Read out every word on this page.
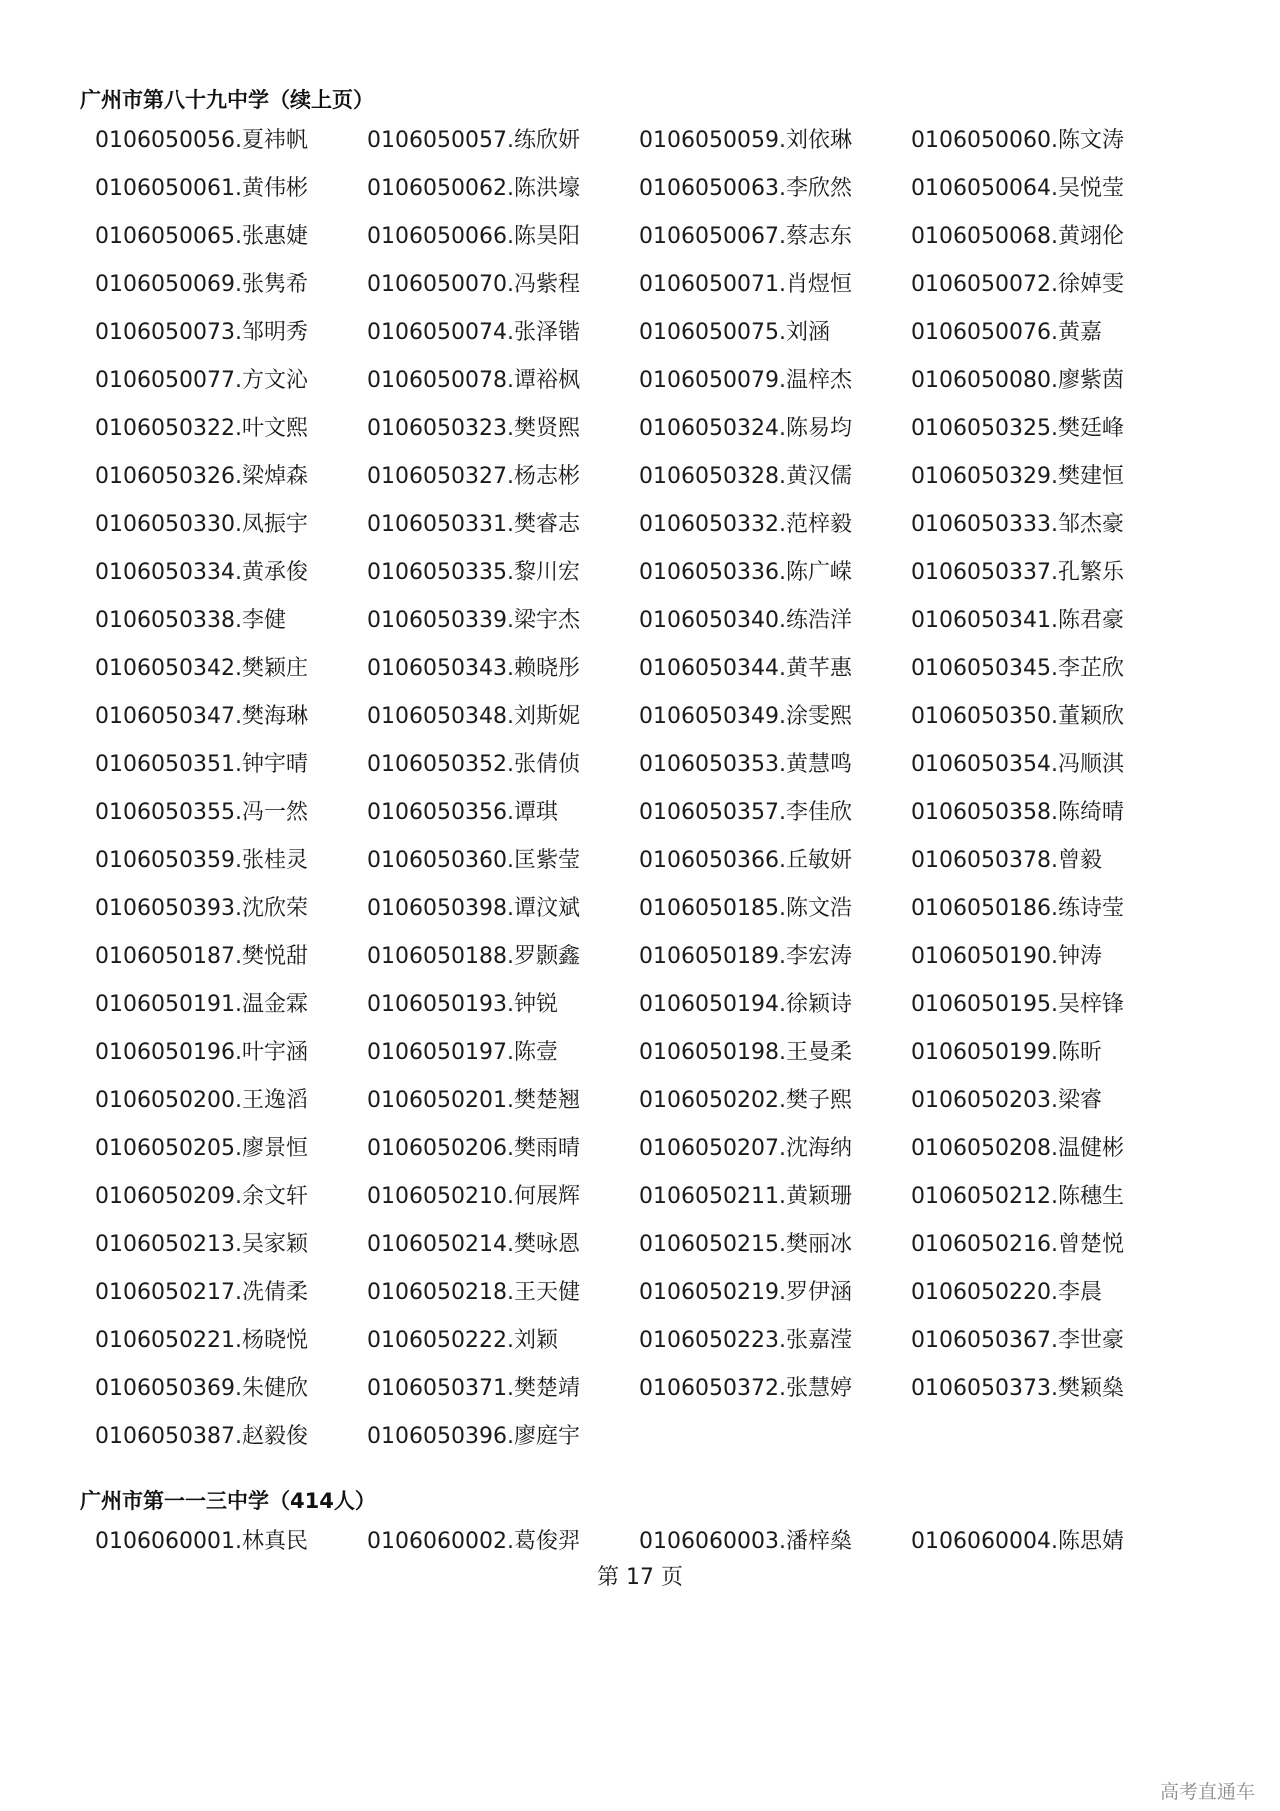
广州市第八十九中学（续上页）
0106050056.夏祎帆	0106050057.练欣妍	0106050059.刘依琳	0106050060.陈文涛
0106050061.黄伟彬	0106050062.陈洪壕	0106050063.李欣然	0106050064.吴悦莹
0106050065.张惠婕	0106050066.陈昊阳	0106050067.蔡志东	0106050068.黄翊伦
0106050069.张隽希	0106050070.冯紫程	0106050071.肖煜恒	0106050072.徐婥雯
0106050073.邹明秀	0106050074.张泽锴	0106050075.刘涵	0106050076.黄嘉
0106050077.方文沁	0106050078.谭裕枫	0106050079.温梓杰	0106050080.廖紫茵
0106050322.叶文熙	0106050323.樊贤熙	0106050324.陈易均	0106050325.樊廷峰
0106050326.梁焯森	0106050327.杨志彬	0106050328.黄汉儒	0106050329.樊建恒
0106050330.凤振宇	0106050331.樊睿志	0106050332.范梓毅	0106050333.邹杰豪
0106050334.黄承俊	0106050335.黎川宏	0106050336.陈广嵘	0106050337.孔繁乐
0106050338.李健	0106050339.梁宇杰	0106050340.练浩洋	0106050341.陈君豪
0106050342.樊颖庄	0106050343.赖晓彤	0106050344.黄芊惠	0106050345.李芷欣
0106050347.樊海琳	0106050348.刘斯妮	0106050349.涂雯熙	0106050350.董颖欣
0106050351.钟宇晴	0106050352.张倩侦	0106050353.黄慧鸣	0106050354.冯顺淇
0106050355.冯一然	0106050356.谭琪	0106050357.李佳欣	0106050358.陈绮晴
0106050359.张桂灵	0106050360.匡紫莹	0106050366.丘敏妍	0106050378.曾毅
0106050393.沈欣荣	0106050398.谭汶斌	0106050185.陈文浩	0106050186.练诗莹
0106050187.樊悦甜	0106050188.罗颢鑫	0106050189.李宏涛	0106050190.钟涛
0106050191.温金霖	0106050193.钟锐	0106050194.徐颖诗	0106050195.吴梓锋
0106050196.叶宇涵	0106050197.陈壹	0106050198.王曼柔	0106050199.陈昕
0106050200.王逸滔	0106050201.樊楚翘	0106050202.樊子熙	0106050203.梁睿
0106050205.廖景恒	0106050206.樊雨晴	0106050207.沈海纳	0106050208.温健彬
0106050209.余文轩	0106050210.何展辉	0106050211.黄颖珊	0106050212.陈穗生
0106050213.吴家颖	0106050214.樊咏恩	0106050215.樊丽冰	0106050216.曾楚悦
0106050217.冼倩柔	0106050218.王天健	0106050219.罗伊涵	0106050220.李晨
0106050221.杨晓悦	0106050222.刘颖	0106050223.张嘉滢	0106050367.李世豪
0106050369.朱健欣	0106050371.樊楚靖	0106050372.张慧婷	0106050373.樊颖燊
0106050387.赵毅俊	0106050396.廖庭宇
广州市第一一三中学（414人）
0106060001.林真民	0106060002.葛俊羿	0106060003.潘梓燊	0106060004.陈思婧
第 17 页
高考直通车
